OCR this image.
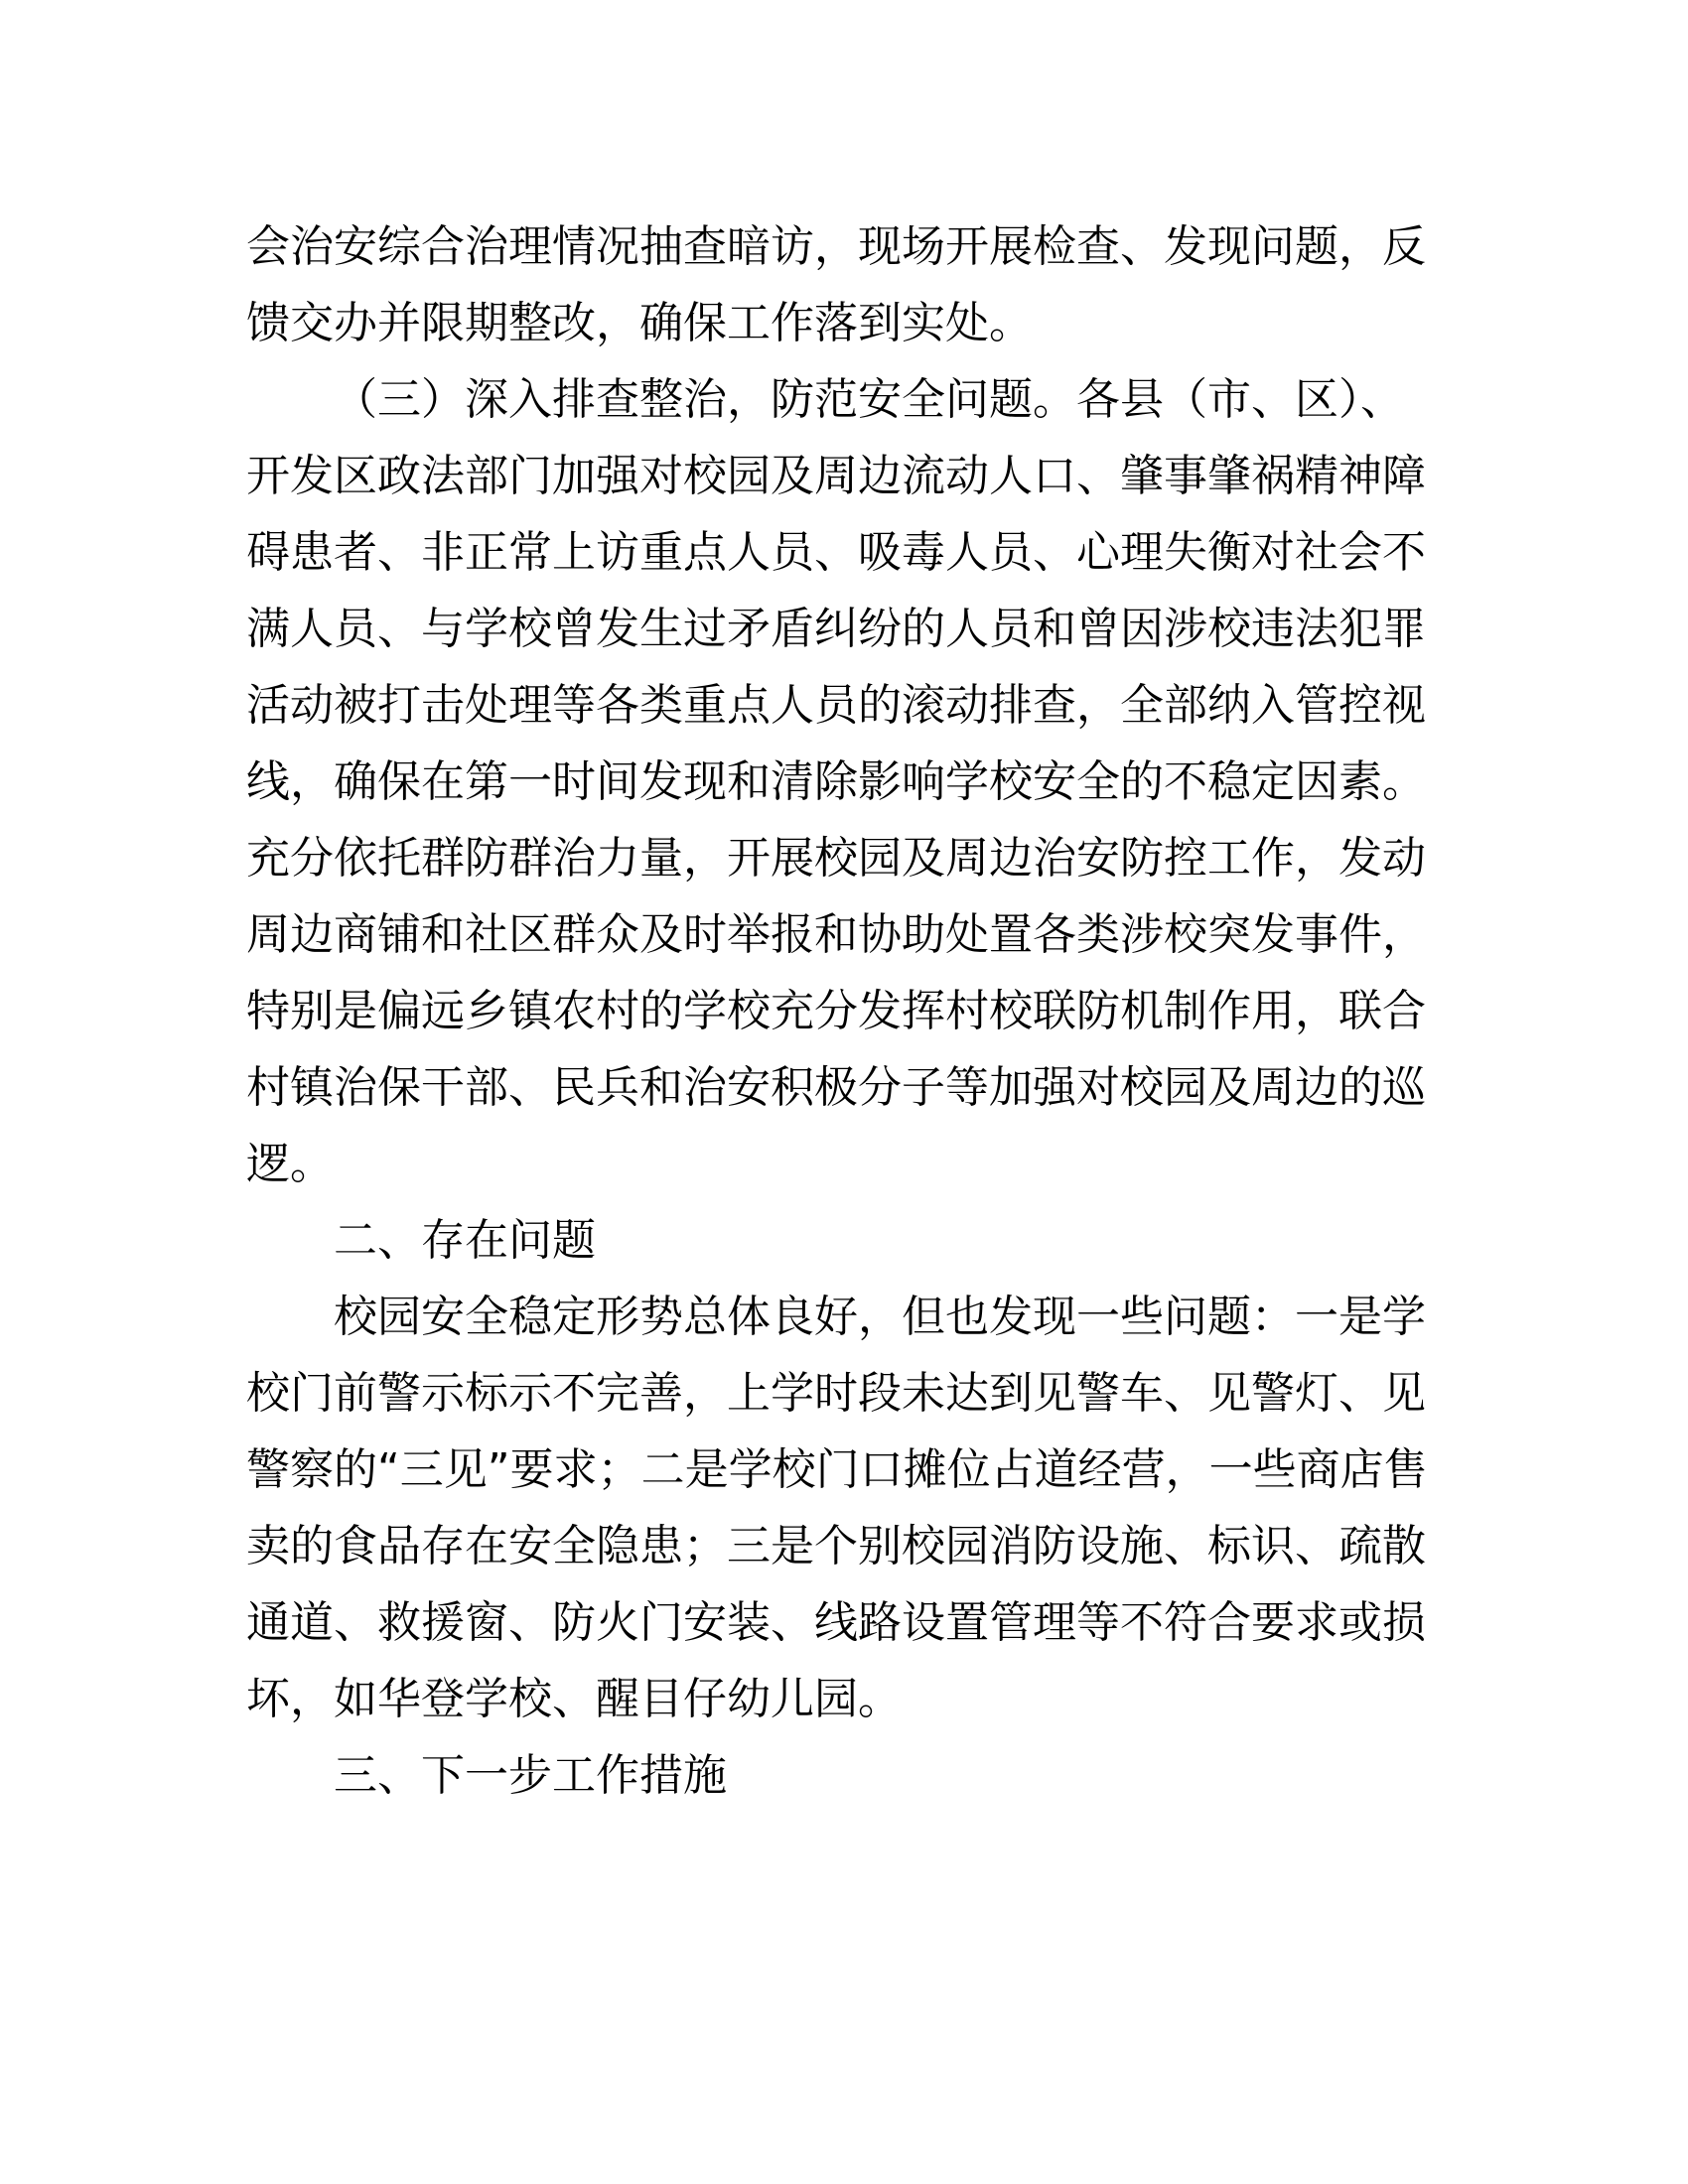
会治安综合治理情况抽查暗访，现场开展检查、发现问题，反馈交办并限期整改，确保工作落到实处。

（三）深入排查整治，防范安全问题。各县（市、区）、开发区政法部门加强对校园及周边流动人口、肇事肇祸精神障碍患者、非正常上访重点人员、吸毒人员、心理失衡对社会不满人员、与学校曾发生过矛盾纠纷的人员和曾因涉校违法犯罪活动被打击处理等各类重点人员的滚动排查，全部纳入管控视线，确保在第一时间发现和清除影响学校安全的不稳定因素。充分依托群防群治力量，开展校园及周边治安防控工作，发动周边商铺和社区群众及时举报和协助处置各类涉校突发事件，特别是偏远乡镇农村的学校充分发挥村校联防机制作用，联合村镇治保干部、民兵和治安积极分子等加强对校园及周边的巡逻。

二、存在问题

校园安全稳定形势总体良好，但也发现一些问题：一是学校门前警示标示不完善，上学时段未达到见警车、见警灯、见警察的“三见”要求；二是学校门口摊位占道经营，一些商店售卖的食品存在安全隐患；三是个别校园消防设施、标识、疏散通道、救援窗、防火门安装、线路设置管理等不符合要求或损坏，如华登学校、醒目仔幼儿园。

三、下一步工作措施
